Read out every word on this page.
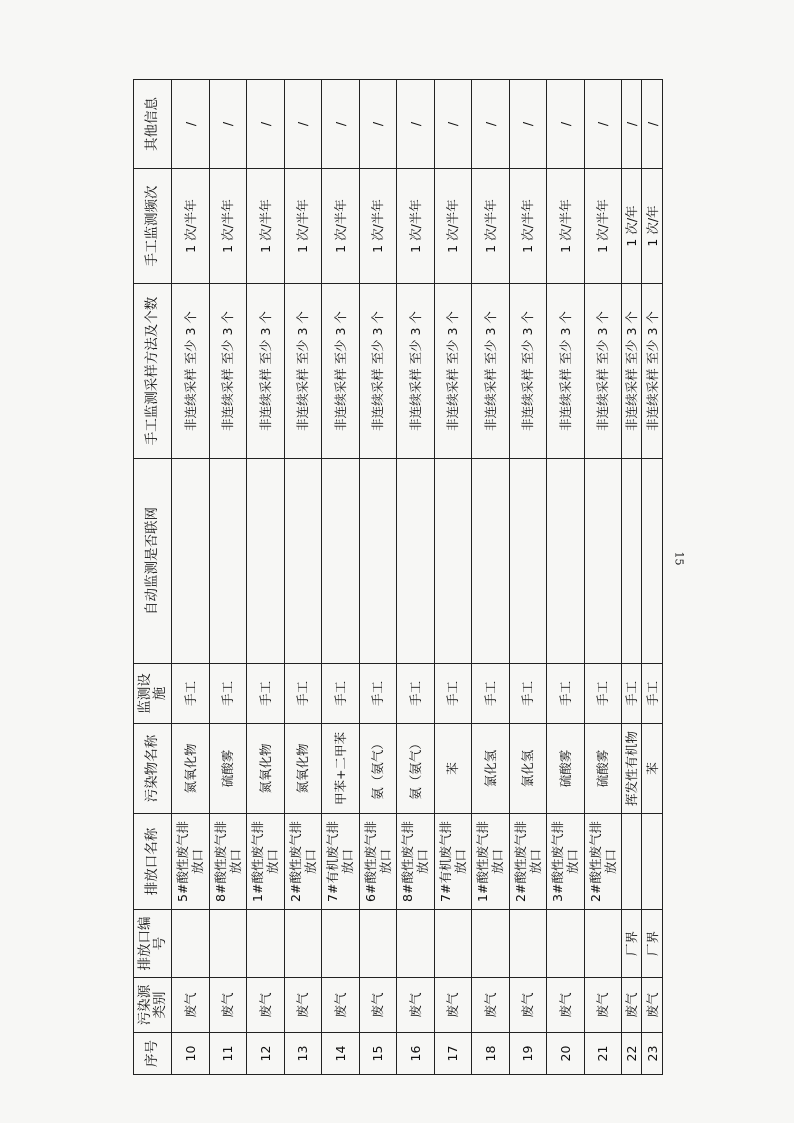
序号	污染源类别	排放口编号	排放口名称	污染物名称	监测设施	自动监测是否联网	手工监测采样方法及个数	手工监测频次	其他信息
10	废气		5#酸性废气排放口	氮氧化物	手工		非连续采样 至少 3 个	1 次/半年	/
11	废气		8#酸性废气排放口	硫酸雾	手工		非连续采样 至少 3 个	1 次/半年	/
12	废气		1#酸性废气排放口	氮氧化物	手工		非连续采样 至少 3 个	1 次/半年	/
13	废气		2#酸性废气排放口	氮氧化物	手工		非连续采样 至少 3 个	1 次/半年	/
14	废气		7#有机废气排放口	甲苯+二甲苯	手工		非连续采样 至少 3 个	1 次/半年	/
15	废气		6#酸性废气排放口	氨（氨气）	手工		非连续采样 至少 3 个	1 次/半年	/
16	废气		8#酸性废气排放口	氨（氨气）	手工		非连续采样 至少 3 个	1 次/半年	/
17	废气		7#有机废气排放口	苯	手工		非连续采样 至少 3 个	1 次/半年	/
18	废气		1#酸性废气排放口	氯化氢	手工		非连续采样 至少 3 个	1 次/半年	/
19	废气		2#酸性废气排放口	氯化氢	手工		非连续采样 至少 3 个	1 次/半年	/
20	废气		3#酸性废气排放口	硫酸雾	手工		非连续采样 至少 3 个	1 次/半年	/
21	废气		2#酸性废气排放口	硫酸雾	手工		非连续采样 至少 3 个	1 次/半年	/
22	废气	厂界		挥发性有机物	手工		非连续采样 至少 3 个	1 次/年	/
23	废气	厂界		苯	手工		非连续采样 至少 3 个	1 次/年	/
15
